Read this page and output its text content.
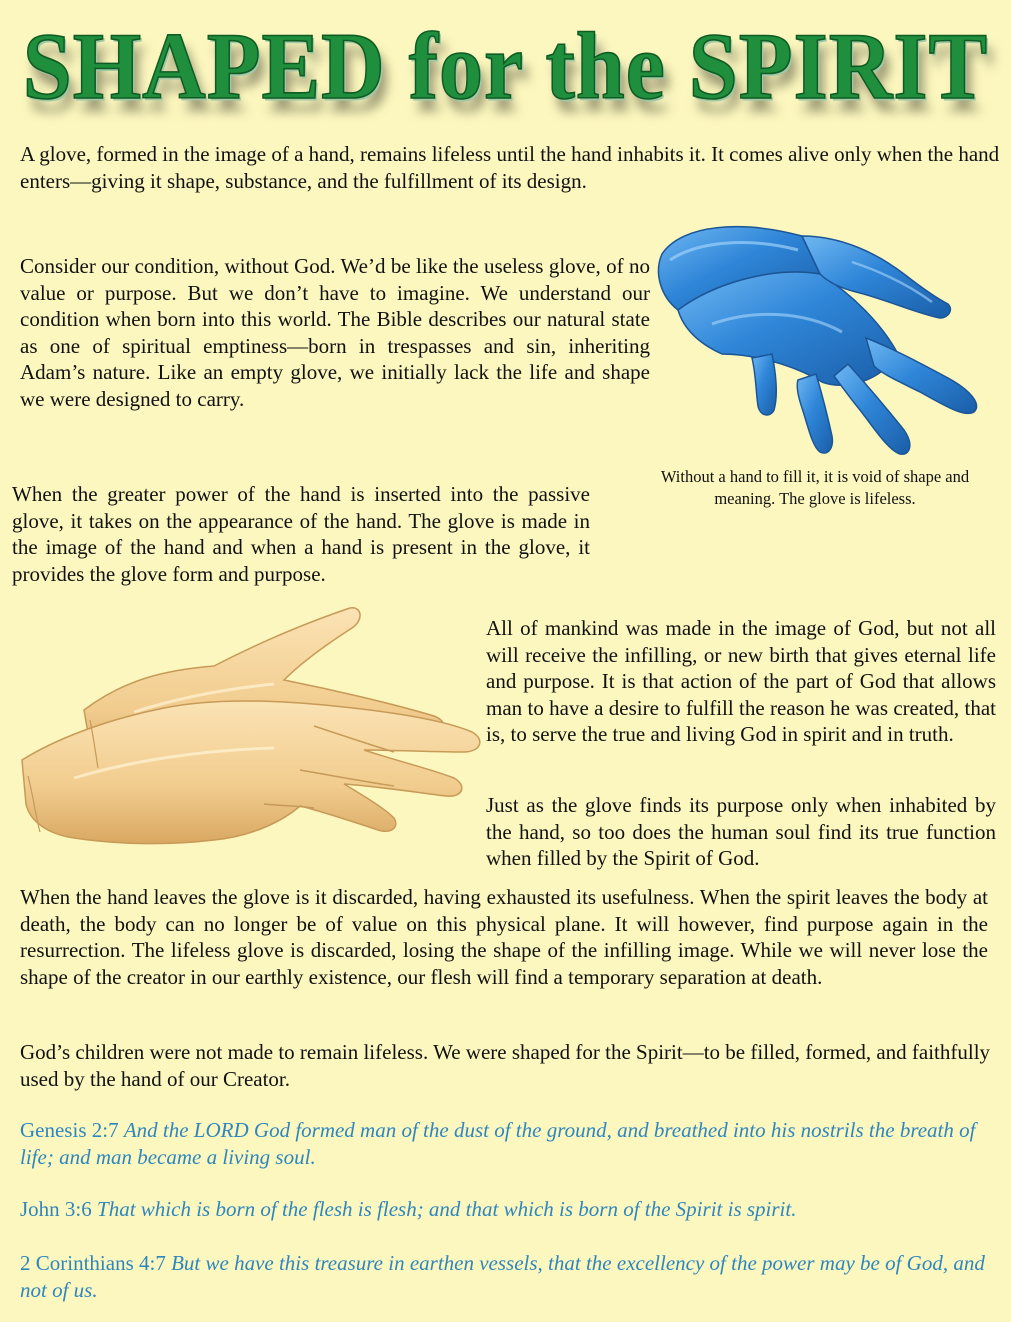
SHAPED for the SPIRIT

A glove, formed in the image of a hand, remains lifeless until the hand inhabits it. It comes alive only when the hand enters—giving it shape, substance, and the fulfillment of its design.

Consider our condition, without God. We’d be like the useless glove, of no value or purpose. But we don’t have to imagine. We understand our condition when born into this world. The Bible describes our natural state as one of spiritual emptiness—born in trespasses and sin, inheriting Adam’s nature. Like an empty glove, we initially lack the life and shape we were designed to carry.

Without a hand to fill it, it is void of shape and meaning. The glove is lifeless.

When the greater power of the hand is inserted into the passive glove, it takes on the appearance of the hand. The glove is made in the image of the hand and when a hand is present in the glove, it provides the glove form and purpose.

All of mankind was made in the image of God, but not all will receive the infilling, or new birth that gives eternal life and purpose. It is that action of the part of God that allows man to have a desire to fulfill the reason he was created, that is, to serve the true and living God in spirit and in truth.

Just as the glove finds its purpose only when inhabited by the hand, so too does the human soul find its true function when filled by the Spirit of God.

When the hand leaves the glove is it discarded, having exhausted its usefulness. When the spirit leaves the body at death, the body can no longer be of value on this physical plane. It will however, find purpose again in the resurrection. The lifeless glove is discarded, losing the shape of the infilling image. While we will never lose the shape of the creator in our earthly existence, our flesh will find a temporary separation at death.

God’s children were not made to remain lifeless. We were shaped for the Spirit—to be filled, formed, and faithfully used by the hand of our Creator.

Genesis 2:7 And the LORD God formed man of the dust of the ground, and breathed into his nostrils the breath of life; and man became a living soul.

John 3:6 That which is born of the flesh is flesh; and that which is born of the Spirit is spirit.

2 Corinthians 4:7 But we have this treasure in earthen vessels, that the excellency of the power may be of God, and not of us.
